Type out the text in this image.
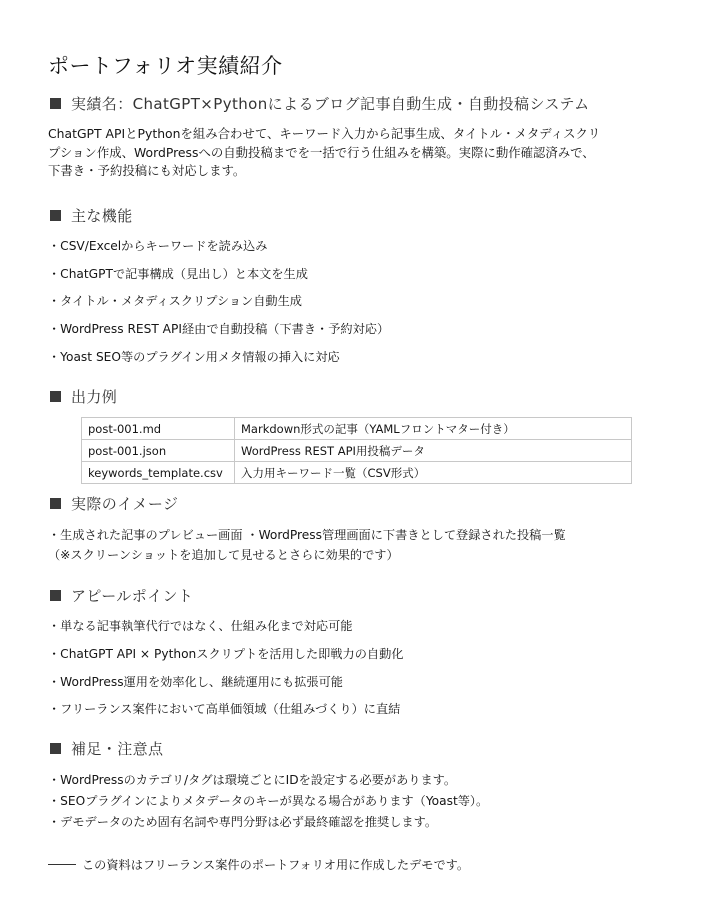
ポートフォリオ実績紹介
実績名：ChatGPT×Pythonによるブログ記事自動生成・自動投稿システム
ChatGPT APIとPythonを組み合わせて、キーワード入力から記事生成、タイトル・メタディスクリ
プション作成、WordPressへの自動投稿までを一括で行う仕組みを構築。実際に動作確認済みで、
下書き・予約投稿にも対応します。
主な機能
・CSV/Excelからキーワードを読み込み
・ChatGPTで記事構成（見出し）と本文を生成
・タイトル・メタディスクリプション自動生成
・WordPress REST API経由で自動投稿（下書き・予約対応）
・Yoast SEO等のプラグイン用メタ情報の挿入に対応
出力例
post-001.md	Markdown形式の記事（YAMLフロントマター付き）
post-001.json	WordPress REST API用投稿データ
keywords_template.csv	入力用キーワード一覧（CSV形式）
実際のイメージ
・生成された記事のプレビュー画面 ・WordPress管理画面に下書きとして登録された投稿一覧
（※スクリーンショットを追加して見せるとさらに効果的です）
アピールポイント
・単なる記事執筆代行ではなく、仕組み化まで対応可能
・ChatGPT API × Pythonスクリプトを活用した即戦力の自動化
・WordPress運用を効率化し、継続運用にも拡張可能
・フリーランス案件において高単価領域（仕組みづくり）に直結
補足・注意点
・WordPressのカテゴリ/タグは環境ごとにIDを設定する必要があります。
・SEOプラグインによりメタデータのキーが異なる場合があります（Yoast等）。
・デモデータのため固有名詞や専門分野は必ず最終確認を推奨します。
この資料はフリーランス案件のポートフォリオ用に作成したデモです。
